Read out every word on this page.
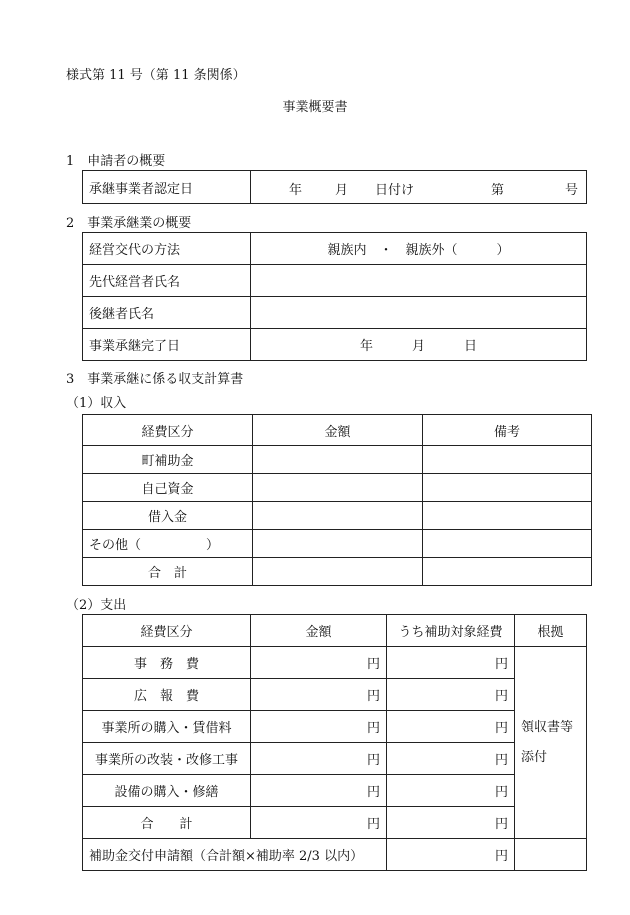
様式第 11 号（第 11 条関係）
事業概要書
1　申請者の概要
承継事業者認定日	年	月 日付け	第	号
2　事業承継業の概要
経営交代の方法	親族内　・　親族外（　　　）
先代経営者氏名	
後継者氏名	
事業承継完了日	年　　　月　　　日
3　事業承継に係る収支計算書
（1）収入
経費区分	金額	備考
町補助金		
自己資金		
借入金		
その他（　　　　　）		
合　計		
（2）支出
経費区分	金額	うち補助対象経費	根拠
事　務　費	円	円	領収書等
添付
広　報　費	円	円	
事業所の購入・賃借料	円	円	
事業所の改装・改修工事	円	円	
設備の購入・修繕	円	円	
合　　計	円	円	
補助金交付申請額（合計額×補助率 2/3 以内）		円	
